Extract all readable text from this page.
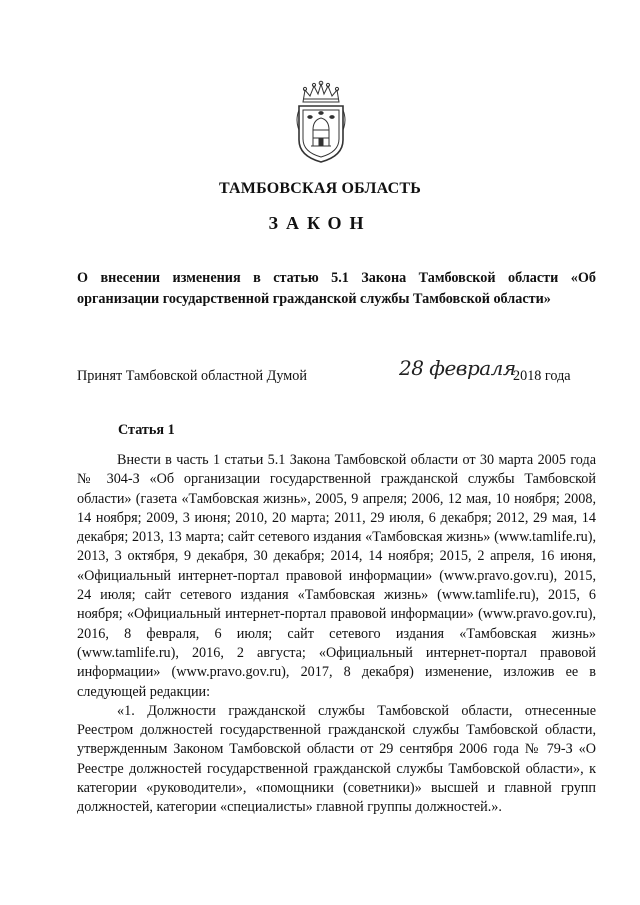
ТАМБОВСКАЯ ОБЛАСТЬ
ЗАКОН
О внесении изменения в статью 5.1 Закона Тамбовской области «Об организации государственной гражданской службы Тамбовской области»
Принят Тамбовской областной Думой	28 февраля
2018 года
Статья 1

Внести в часть 1 статьи 5.1 Закона Тамбовской области от 30 марта 2005 года № 304-З «Об организации государственной гражданской службы Тамбовской области» (газета «Тамбовская жизнь», 2005, 9 апреля; 2006, 12 мая, 10 ноября; 2008, 14 ноября; 2009, 3 июня; 2010, 20 марта; 2011, 29 июля, 6 декабря; 2012, 29 мая, 14 декабря; 2013, 13 марта; сайт сетевого издания «Тамбовская жизнь» (www.tamlife.ru), 2013, 3 октября, 9 декабря, 30 декабря; 2014, 14 ноября; 2015, 2 апреля, 16 июня, «Официальный интернет-портал правовой информации» (www.pravo.gov.ru), 2015, 24 июля; сайт сетевого издания «Тамбовская жизнь» (www.tamlife.ru), 2015, 6 ноября; «Официальный интернет-портал правовой информации» (www.pravo.gov.ru), 2016, 8 февраля, 6 июля; сайт сетевого издания «Тамбовская жизнь» (www.tamlife.ru), 2016, 2 августа; «Официальный интернет-портал правовой информации» (www.pravo.gov.ru), 2017, 8 декабря) изменение, изложив ее в следующей редакции:

«1. Должности гражданской службы Тамбовской области, отнесенные Реестром должностей государственной гражданской службы Тамбовской области, утвержденным Законом Тамбовской области от 29 сентября 2006 года № 79-З «О Реестре должностей государственной гражданской службы Тамбовской области», к категории «руководители», «помощники (советники)» высшей и главной групп должностей, категории «специалисты» главной группы должностей.».
